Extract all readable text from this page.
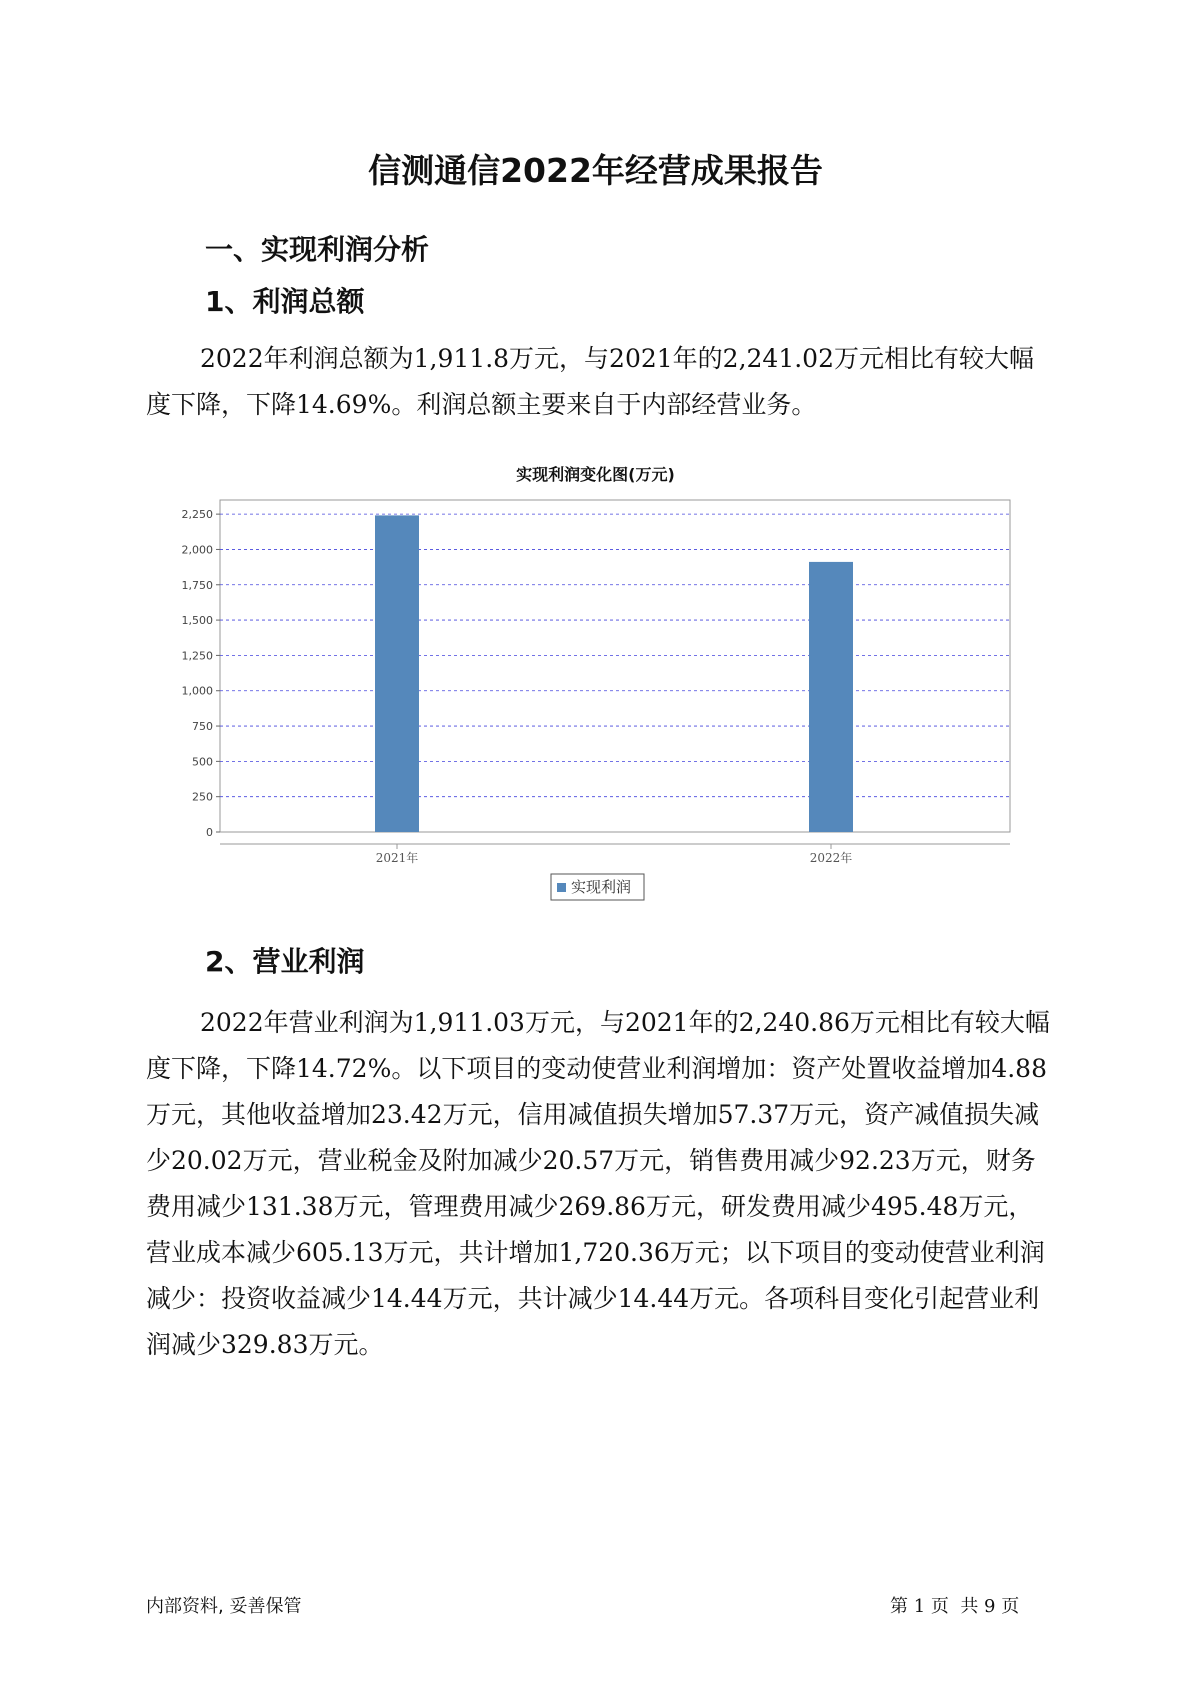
信测通信2022年经营成果报告
一、实现利润分析
1、利润总额

2022年利润总额为1,911.8万元，与2021年的2,241.02万元相比有较大幅度下降，下降14.69%。利润总额主要来自于内部经营业务。

实现利润变化图(万元)
0
250
500
750
1,000
1,250
1,500
1,750
2,000
2,250
2021年	2022年
实现利润
2、营业利润

2022年营业利润为1,911.03万元，与2021年的2,240.86万元相比有较大幅度下降，下降14.72%。以下项目的变动使营业利润增加：资产处置收益增加4.88万元，其他收益增加23.42万元，信用减值损失增加57.37万元，资产减值损失减少20.02万元，营业税金及附加减少20.57万元，销售费用减少92.23万元，财务费用减少131.38万元，管理费用减少269.86万元，研发费用减少495.48万元，营业成本减少605.13万元，共计增加1,720.36万元；以下项目的变动使营业利润减少：投资收益减少14.44万元，共计减少14.44万元。各项科目变化引起营业利润减少329.83万元。

内部资料, 妥善保管	第 1 页  共 9 页
